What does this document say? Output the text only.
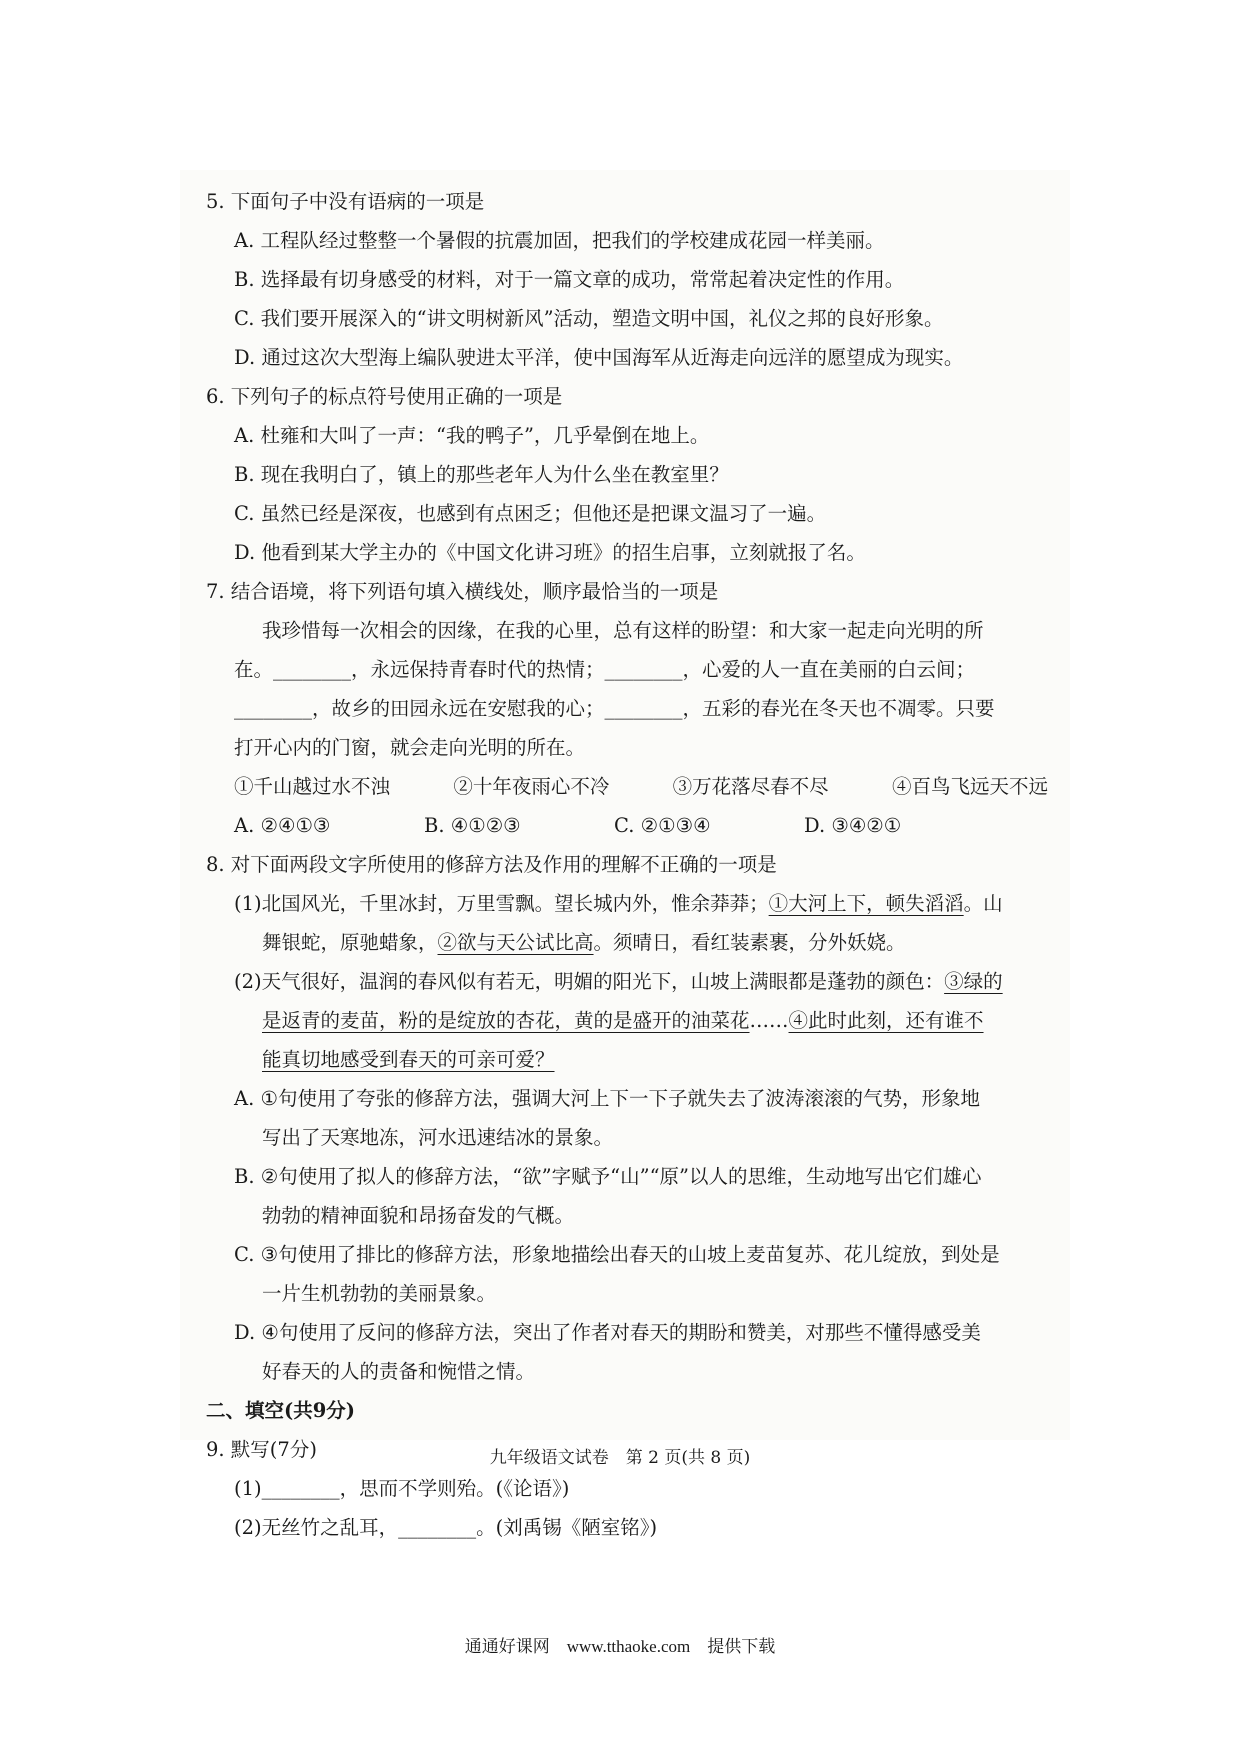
5. 下面句子中没有语病的一项是
A. 工程队经过整整一个暑假的抗震加固，把我们的学校建成花园一样美丽。
B. 选择最有切身感受的材料，对于一篇文章的成功，常常起着决定性的作用。
C. 我们要开展深入的“讲文明树新风”活动，塑造文明中国，礼仪之邦的良好形象。
D. 通过这次大型海上编队驶进太平洋，使中国海军从近海走向远洋的愿望成为现实。
6. 下列句子的标点符号使用正确的一项是
A. 杜雍和大叫了一声：“我的鸭子”，几乎晕倒在地上。
B. 现在我明白了，镇上的那些老年人为什么坐在教室里？
C. 虽然已经是深夜，也感到有点困乏；但他还是把课文温习了一遍。
D. 他看到某大学主办的《中国文化讲习班》的招生启事，立刻就报了名。
7. 结合语境，将下列语句填入横线处，顺序最恰当的一项是
我珍惜每一次相会的因缘，在我的心里，总有这样的盼望：和大家一起走向光明的所
在。________，永远保持青春时代的热情；________，心爱的人一直在美丽的白云间；
________，故乡的田园永远在安慰我的心；________，五彩的春光在冬天也不凋零。只要
打开心内的门窗，就会走向光明的所在。
①千山越过水不浊	②十年夜雨心不冷	③万花落尽春不尽	④百鸟飞远天不远
A. ②④①③	B. ④①②③	C. ②①③④	D. ③④②①
8. 对下面两段文字所使用的修辞方法及作用的理解不正确的一项是
(1)北国风光，千里冰封，万里雪飘。望长城内外，惟余莽莽；①大河上下，顿失滔滔。山
舞银蛇，原驰蜡象，②欲与天公试比高。须晴日，看红装素裹，分外妖娆。
(2)天气很好，温润的春风似有若无，明媚的阳光下，山坡上满眼都是蓬勃的颜色：③绿的
是返青的麦苗，粉的是绽放的杏花，黄的是盛开的油菜花……④此时此刻，还有谁不
能真切地感受到春天的可亲可爱？
A. ①句使用了夸张的修辞方法，强调大河上下一下子就失去了波涛滚滚的气势，形象地
写出了天寒地冻，河水迅速结冰的景象。
B. ②句使用了拟人的修辞方法，“欲”字赋予“山”“原”以人的思维，生动地写出它们雄心
勃勃的精神面貌和昂扬奋发的气概。
C. ③句使用了排比的修辞方法，形象地描绘出春天的山坡上麦苗复苏、花儿绽放，到处是
一片生机勃勃的美丽景象。
D. ④句使用了反问的修辞方法，突出了作者对春天的期盼和赞美，对那些不懂得感受美
好春天的人的责备和惋惜之情。
二、填空(共9分)
9. 默写(7分)
(1)________，思而不学则殆。(《论语》)
(2)无丝竹之乱耳，________。(刘禹锡《陋室铭》)
九年级语文试卷　第 2 页(共 8 页)
通通好课网　www.tthaoke.com　提供下载
